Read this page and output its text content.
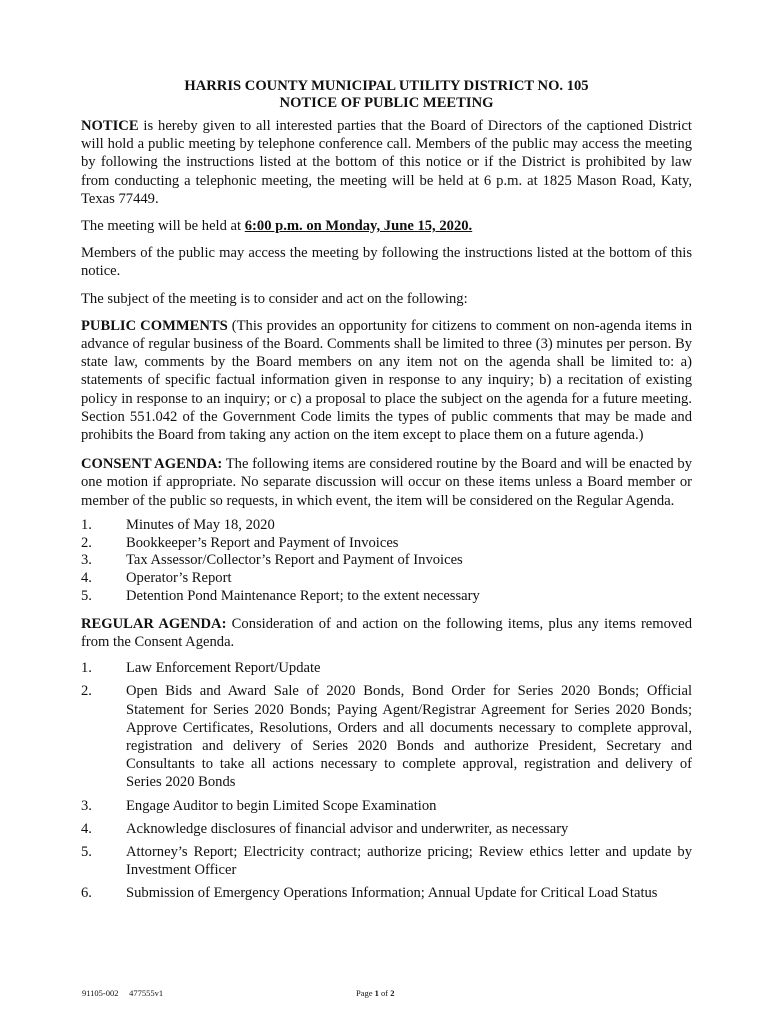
HARRIS COUNTY MUNICIPAL UTILITY DISTRICT NO. 105
NOTICE OF PUBLIC MEETING

NOTICE is hereby given to all interested parties that the Board of Directors of the captioned District will hold a public meeting by telephone conference call. Members of the public may access the meeting by following the instructions listed at the bottom of this notice or if the District is prohibited by law from conducting a telephonic meeting, the meeting will be held at 6 p.m. at 1825 Mason Road, Katy, Texas 77449.

The meeting will be held at 6:00 p.m. on Monday, June 15, 2020.

Members of the public may access the meeting by following the instructions listed at the bottom of this notice.

The subject of the meeting is to consider and act on the following:

PUBLIC COMMENTS (This provides an opportunity for citizens to comment on non-agenda items in advance of regular business of the Board. Comments shall be limited to three (3) minutes per person. By state law, comments by the Board members on any item not on the agenda shall be limited to: a) statements of specific factual information given in response to any inquiry; b) a recitation of existing policy in response to an inquiry; or c) a proposal to place the subject on the agenda for a future meeting. Section 551.042 of the Government Code limits the types of public comments that may be made and prohibits the Board from taking any action on the item except to place them on a future agenda.)

CONSENT AGENDA: The following items are considered routine by the Board and will be enacted by one motion if appropriate. No separate discussion will occur on these items unless a Board member or member of the public so requests, in which event, the item will be considered on the Regular Agenda.

1.	Minutes of May 18, 2020
2.	Bookkeeper’s Report and Payment of Invoices
3.	Tax Assessor/Collector’s Report and Payment of Invoices
4.	Operator’s Report
5.	Detention Pond Maintenance Report; to the extent necessary

REGULAR AGENDA: Consideration of and action on the following items, plus any items removed from the Consent Agenda.

1.	Law Enforcement Report/Update
2.	Open Bids and Award Sale of 2020 Bonds, Bond Order for Series 2020 Bonds; Official Statement for Series 2020 Bonds; Paying Agent/Registrar Agreement for Series 2020 Bonds; Approve Certificates, Resolutions, Orders and all documents necessary to complete approval, registration and delivery of Series 2020 Bonds and authorize President, Secretary and Consultants to take all actions necessary to complete approval, registration and delivery of Series 2020 Bonds
3.	Engage Auditor to begin Limited Scope Examination
4.	Acknowledge disclosures of financial advisor and underwriter, as necessary
5.	Attorney’s Report; Electricity contract; authorize pricing; Review ethics letter and update by Investment Officer
6.	Submission of Emergency Operations Information; Annual Update for Critical Load Status
91105-002     477555v1	Page 1 of 2
